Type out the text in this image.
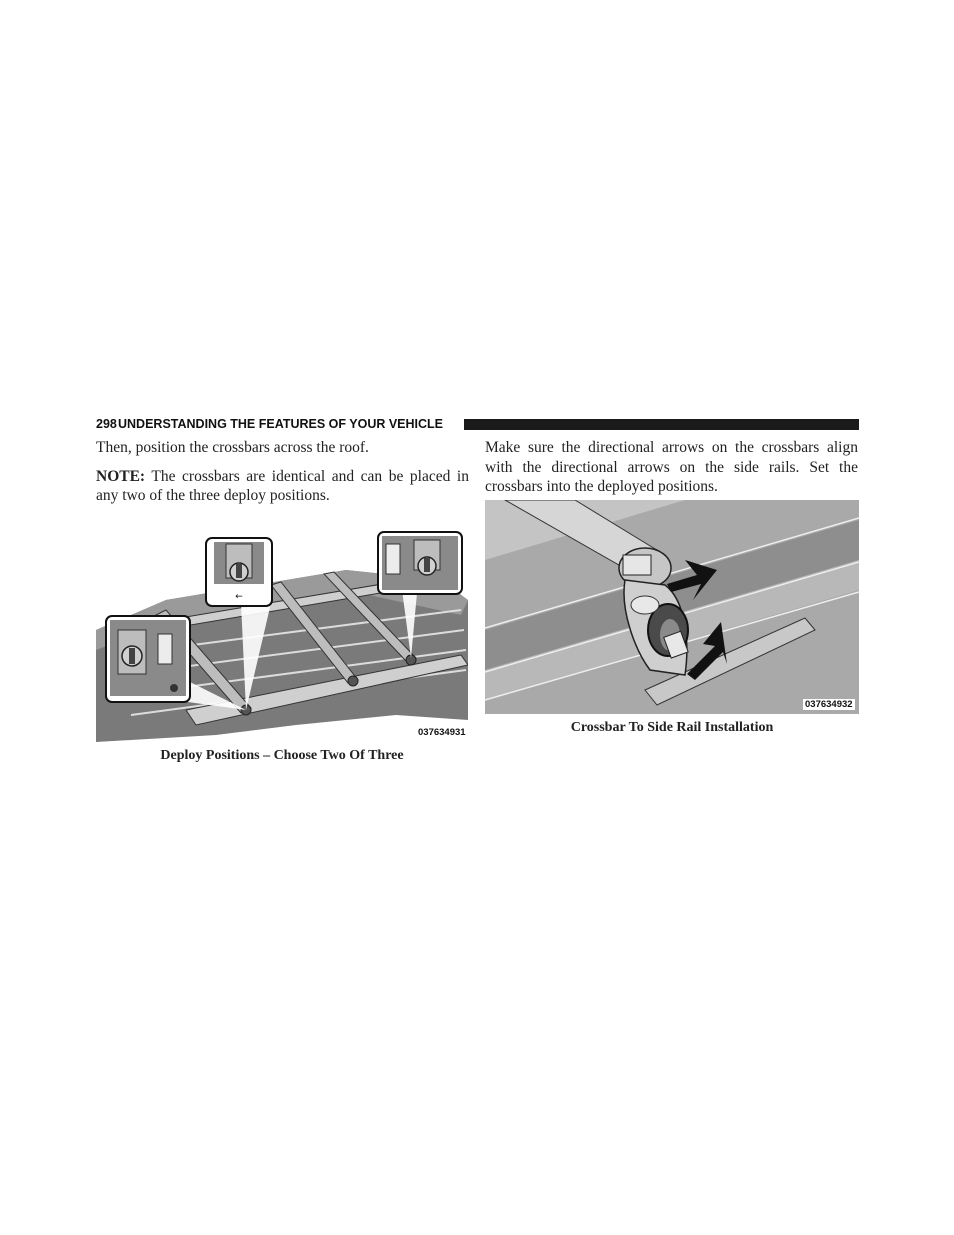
298 UNDERSTANDING THE FEATURES OF YOUR VEHICLE

Then, position the crossbars across the roof.

NOTE: The crossbars are identical and can be placed in any two of the three deploy positions.

Make sure the directional arrows on the crossbars align with the directional arrows on the side rails. Set the crossbars into the deployed positions.

←
037634931
Deploy Positions – Choose Two Of Three
037634932
Crossbar To Side Rail Installation
